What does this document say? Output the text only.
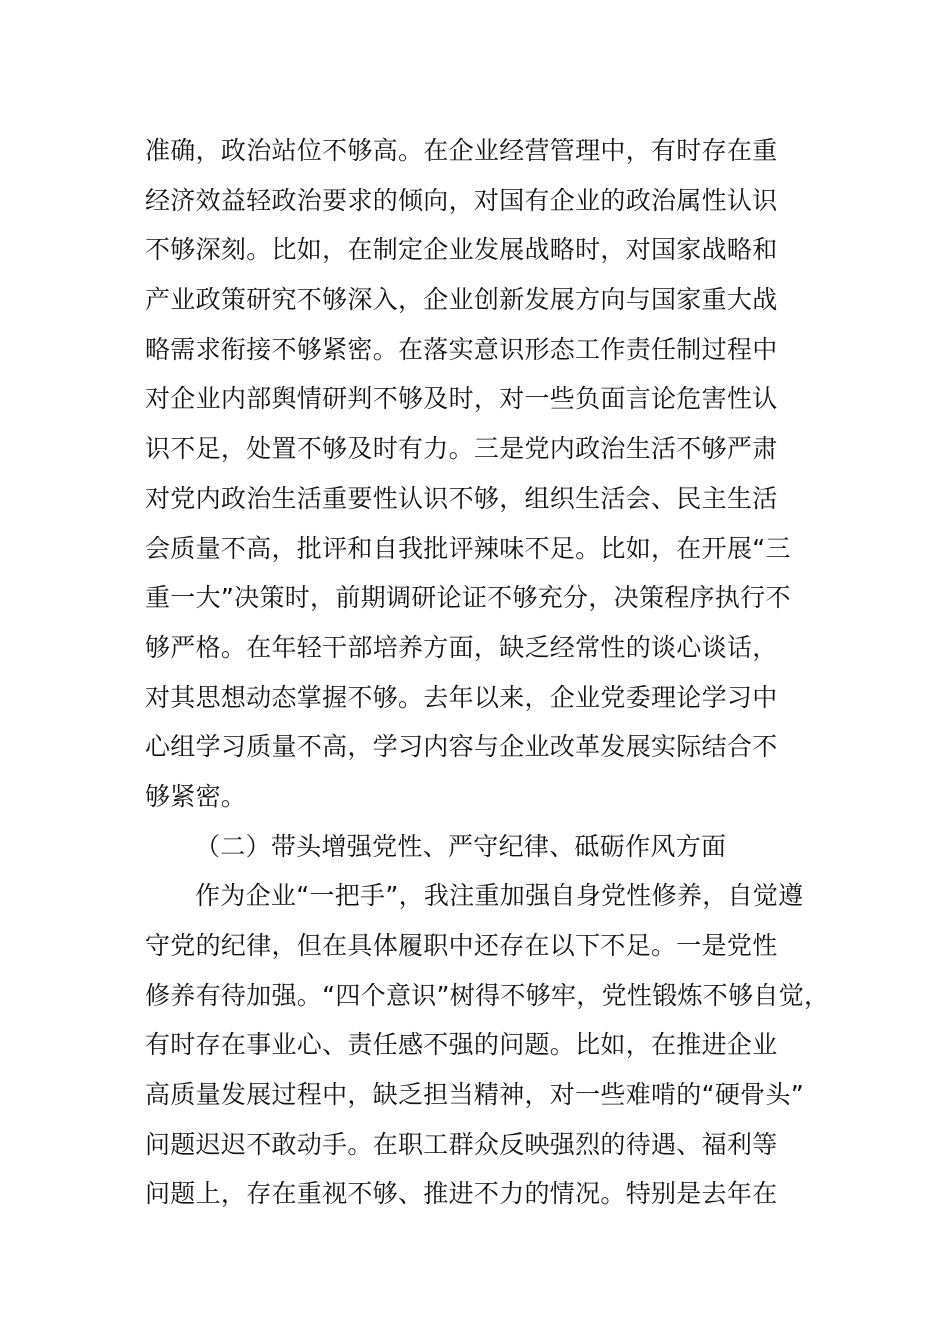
准确，政治站位不够高。在企业经营管理中，有时存在重
经济效益轻政治要求的倾向，对国有企业的政治属性认识
不够深刻。比如，在制定企业发展战略时，对国家战略和
产业政策研究不够深入，企业创新发展方向与国家重大战
略需求衔接不够紧密。在落实意识形态工作责任制过程中
对企业内部舆情研判不够及时，对一些负面言论危害性认
识不足，处置不够及时有力。三是党内政治生活不够严肃
对党内政治生活重要性认识不够，组织生活会、民主生活
会质量不高，批评和自我批评辣味不足。比如，在开展“三
重一大”决策时，前期调研论证不够充分，决策程序执行不
够严格。在年轻干部培养方面，缺乏经常性的谈心谈话，
对其思想动态掌握不够。去年以来，企业党委理论学习中
心组学习质量不高，学习内容与企业改革发展实际结合不
够紧密。
（二）带头增强党性、严守纪律、砥砺作风方面
作为企业“一把手”，我注重加强自身党性修养，自觉遵
守党的纪律，但在具体履职中还存在以下不足。一是党性
修养有待加强。“四个意识”树得不够牢，党性锻炼不够自觉，
有时存在事业心、责任感不强的问题。比如，在推进企业
高质量发展过程中，缺乏担当精神，对一些难啃的“硬骨头”
问题迟迟不敢动手。在职工群众反映强烈的待遇、福利等
问题上，存在重视不够、推进不力的情况。特别是去年在
